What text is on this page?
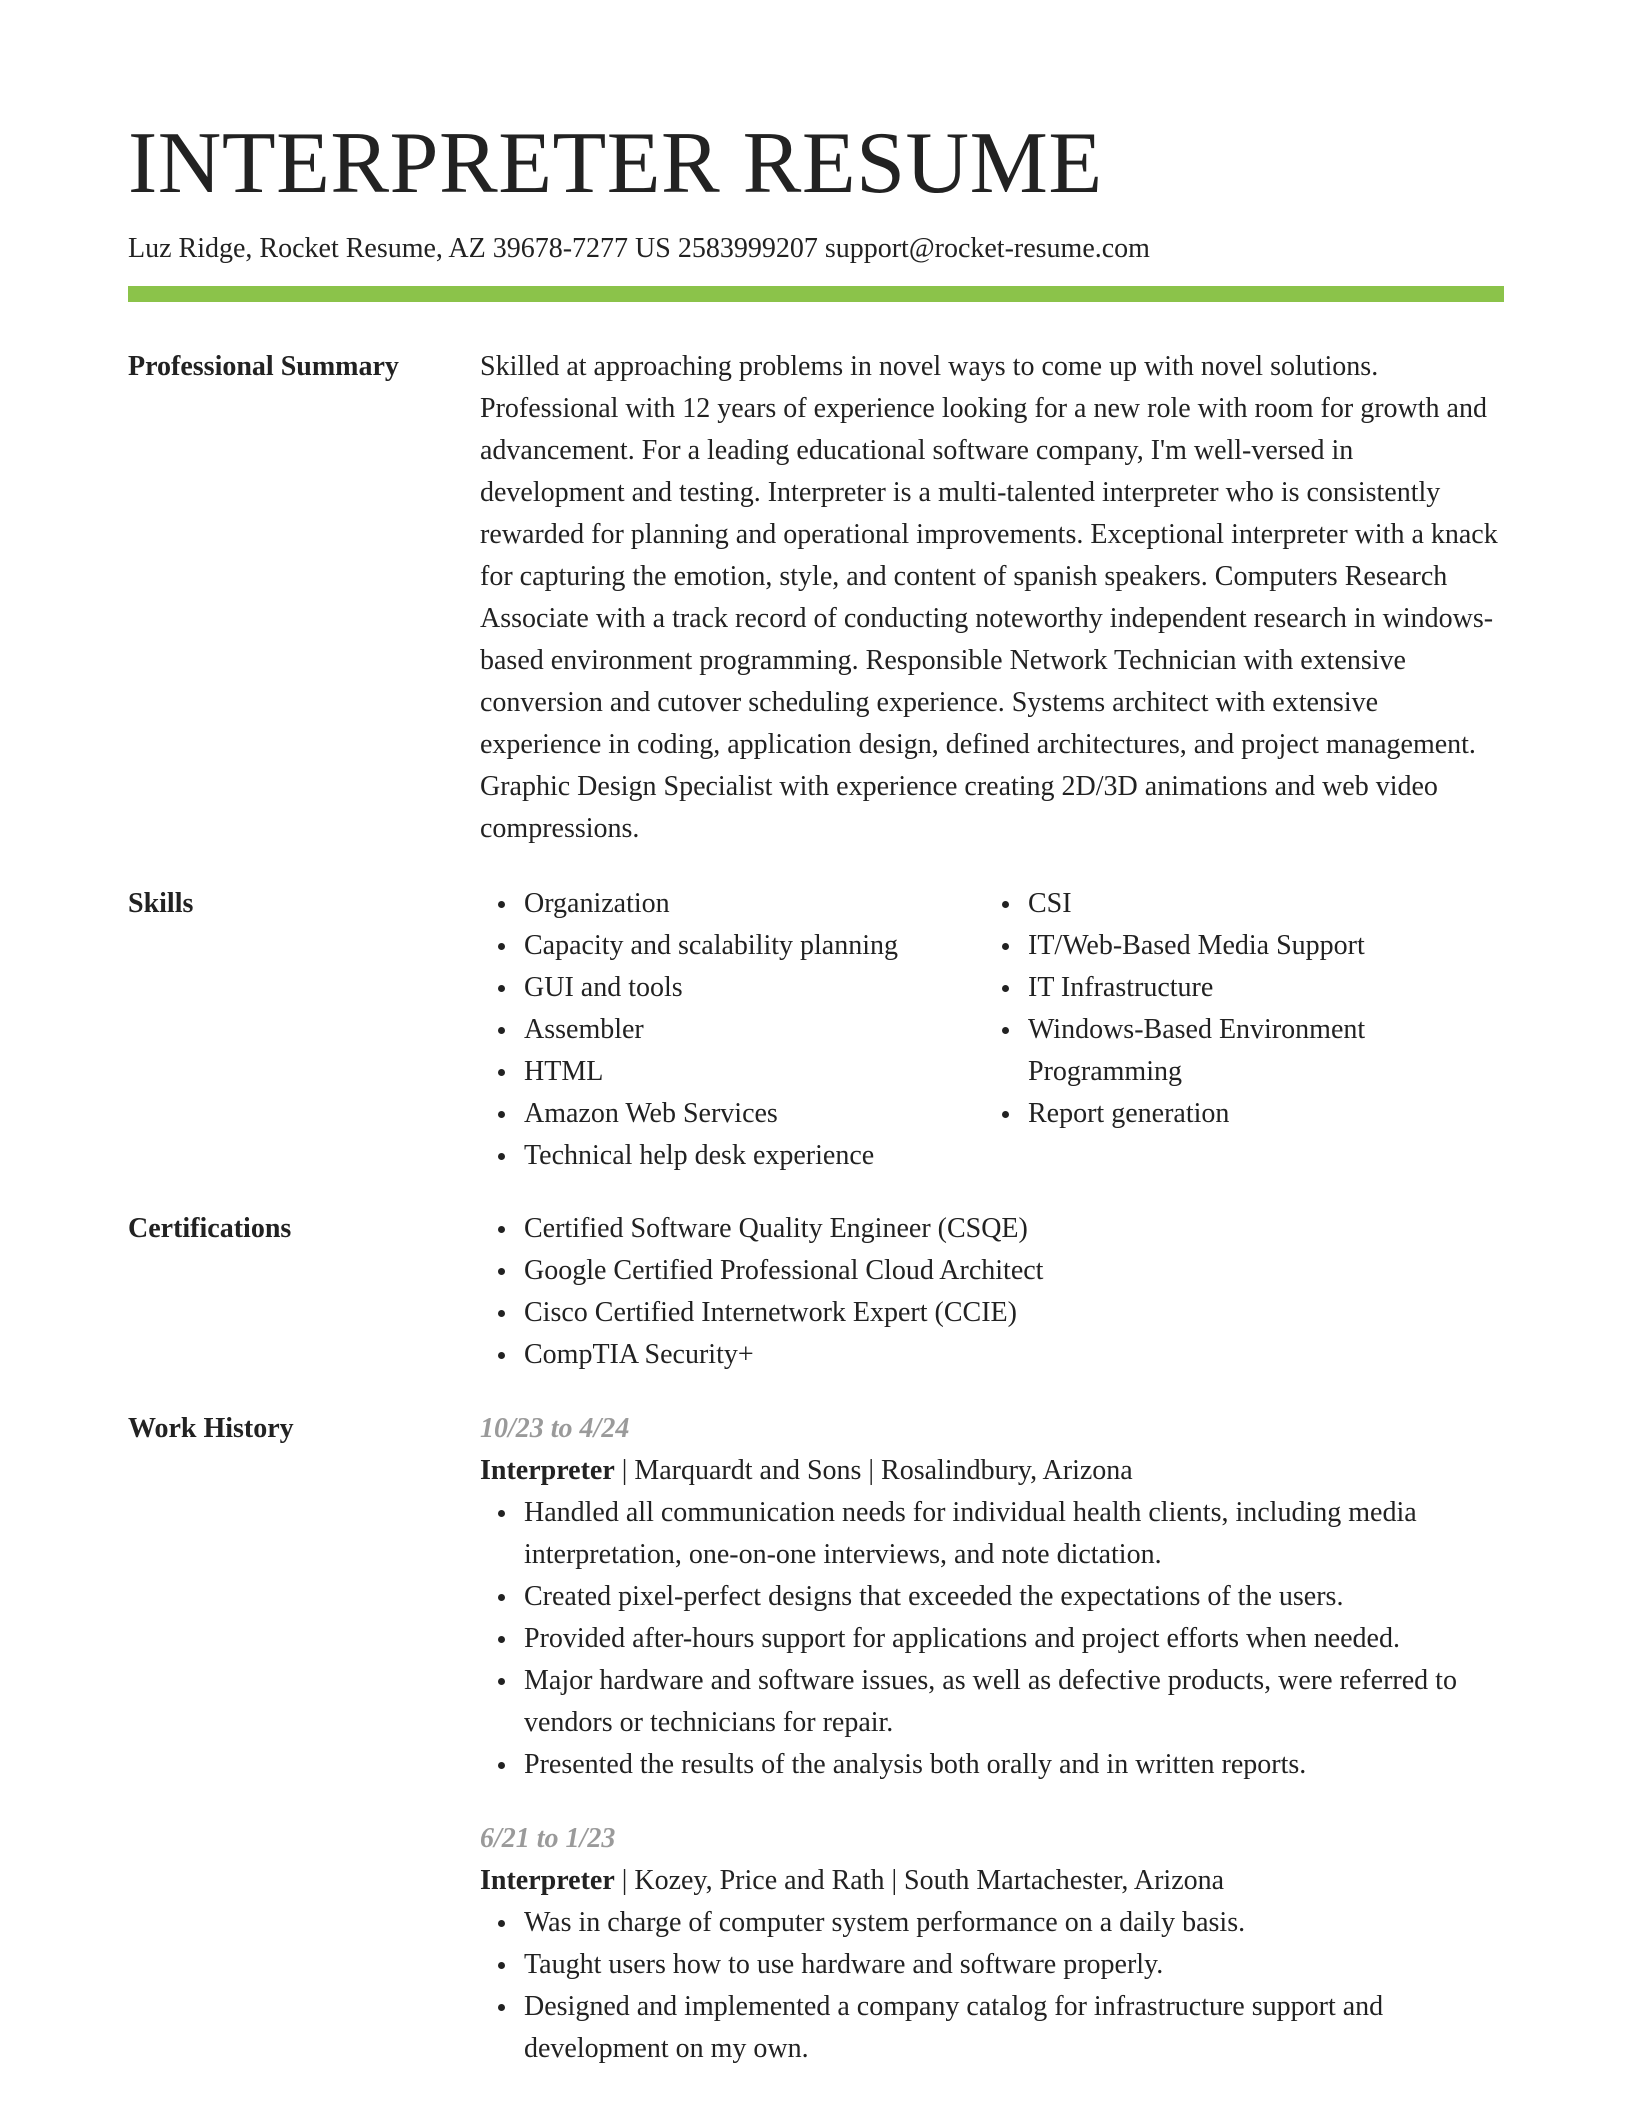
INTERPRETER RESUME
Luz Ridge, Rocket Resume, AZ 39678-7277 US 2583999207 support@rocket-resume.com
Professional Summary	Skilled at approaching problems in novel ways to come up with novel solutions. Professional with 12 years of experience looking for a new role with room for growth and advancement. For a leading educational software company, I'm well-versed in development and testing. Interpreter is a multi-talented interpreter who is consistently rewarded for planning and operational improvements. Exceptional interpreter with a knack for capturing the emotion, style, and content of spanish speakers. Computers Research Associate with a track record of conducting noteworthy independent research in windows-based environment programming. Responsible Network Technician with extensive conversion and cutover scheduling experience. Systems architect with extensive experience in coding, application design, defined architectures, and project management. Graphic Design Specialist with experience creating 2D/3D animations and web video compressions.

Skills	Organization
Capacity and scalability planning
GUI and tools
Assembler
HTML
Amazon Web Services
Technical help desk experience
CSI
IT/Web-Based Media Support
IT Infrastructure
Windows-Based Environment Programming
Report generation
Certifications	Certified Software Quality Engineer (CSQE)
Google Certified Professional Cloud Architect
Cisco Certified Internetwork Expert (CCIE)
CompTIA Security+
Work History	10/23 to 4/24
Interpreter | Marquardt and Sons | Rosalindbury, Arizona
Handled all communication needs for individual health clients, including media interpretation, one-on-one interviews, and note dictation.
Created pixel-perfect designs that exceeded the expectations of the users.
Provided after-hours support for applications and project efforts when needed.
Major hardware and software issues, as well as defective products, were referred to vendors or technicians for repair.
Presented the results of the analysis both orally and in written reports.
6/21 to 1/23
Interpreter | Kozey, Price and Rath | South Martachester, Arizona
Was in charge of computer system performance on a daily basis.
Taught users how to use hardware and software properly.
Designed and implemented a company catalog for infrastructure support and development on my own.
